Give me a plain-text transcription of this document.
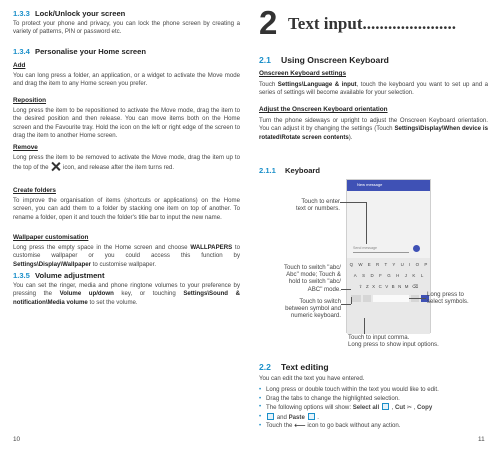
1.3.3 Lock/Unlock your screen
To protect your phone and privacy, you can lock the phone screen by creating a variety of patterns, PIN or password etc.
1.3.4 Personalise your Home screen
Add
You can long press a folder, an application, or a widget to activate the Move mode and drag the item to any Home screen you prefer.
Reposition
Long press the item to be repositioned to activate the Move mode, drag the item to the desired position and then release. You can move items both on the Home screen and the Favourite tray. Hold the icon on the left or right edge of the screen to drag the item to another Home screen.
Remove
Long press the item to be removed to activate the Move mode, drag the item up to the top of the icon, and release after the item turns red.
Create folders
To improve the organisation of items (shortcuts or applications) on the Home screen, you can add them to a folder by stacking one item on top of another. To rename a folder, open it and touch the folder's title bar to input the new name.
Wallpaper customisation
Long press the empty space in the Home screen and choose WALLPAPERS to customise wallpaper or you could access this function by Settings\Display\Wallpaper to customise wallpaper.
1.3.5 Volume adjustment
You can set the ringer, media and phone ringtone volumes to your preference by pressing the Volume up/down key, or touching Settings\Sound & notification\Media volume to set the volume.
10
2 Text input......................
2.1 Using Onscreen Keyboard
Onscreen Keyboard settings
Touch Settings\Language & input, touch the keyboard you want to set up and a series of settings will become available for your selection.
Adjust the Onscreen Keyboard orientation
Turn the phone sideways or upright to adjust the Onscreen Keyboard orientation. You can adjust it by changing the settings (Touch Settings\Display\When device is rotated\Rotate screen contents).
2.1.1 Keyboard
New message
Send message
Q W E R T Y U I O P
A S D F G H J K L
⇧ Z X C V B N M ⌫
Touch to enter
text or numbers.
Touch to switch "abc/
Abc" mode; Touch &
hold to switch "abc/
ABC" mode.
Touch to switch
between symbol and
numeric keyboard.
Touch to input comma.
Long press to show input options.
Long press to
select symbols.
2.2 Text editing
You can edit the text you have entered.
• Long press or double touch within the text you would like to edit.
• Drag the tabs to change the highlighted selection.
• The following options will show: Select all  , Cut ✂ , Copy
• and Paste  .
• Touch the ⟵ icon to go back without any action.
11
